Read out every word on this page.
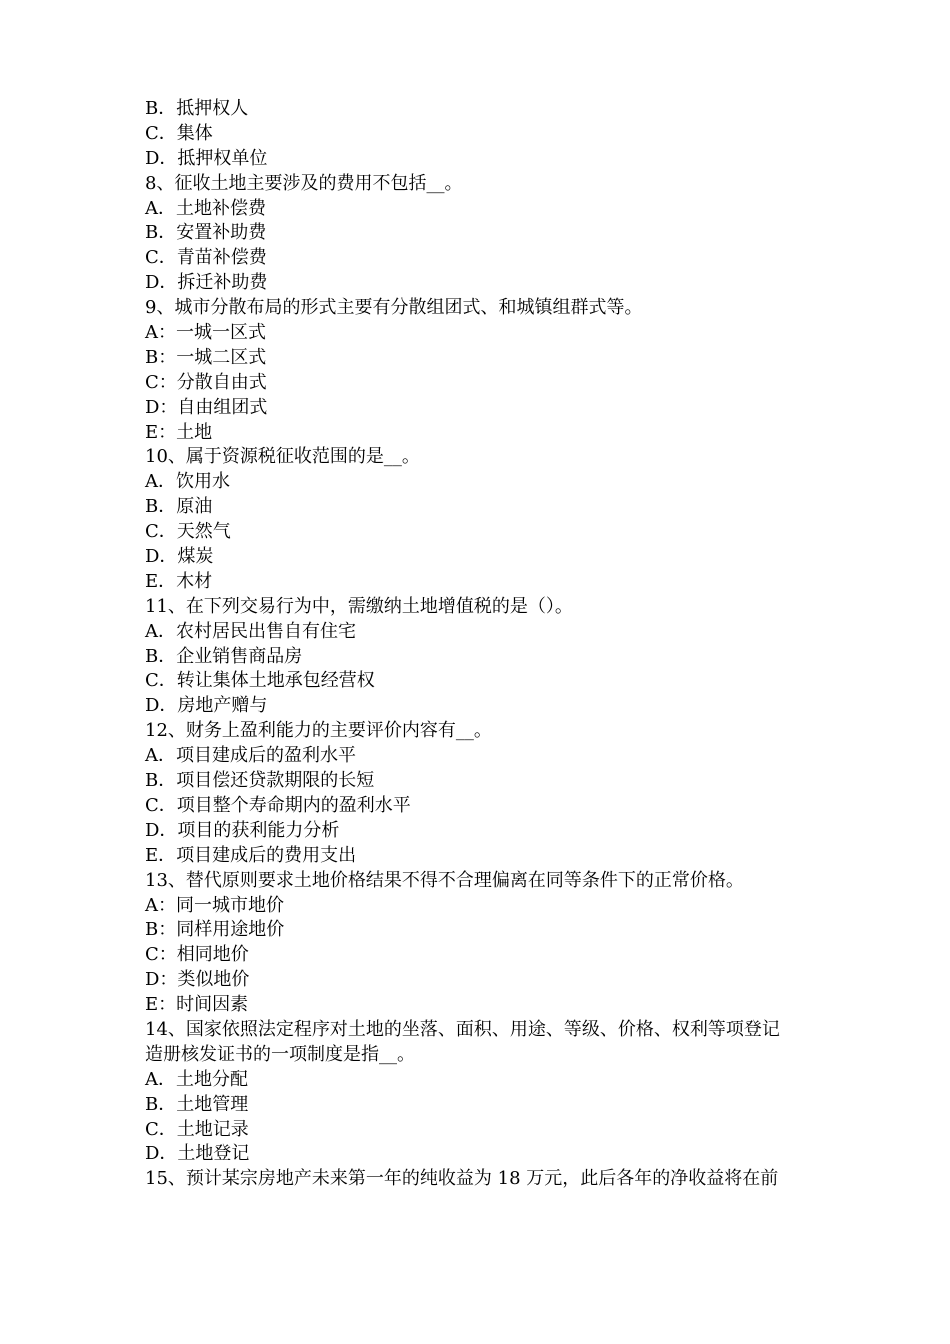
B．抵押权人
C．集体
D．抵押权单位
8、征收土地主要涉及的费用不包括__。
A．土地补偿费
B．安置补助费
C．青苗补偿费
D．拆迁补助费
9、城市分散布局的形式主要有分散组团式、和城镇组群式等。
A：一城一区式
B：一城二区式
C：分散自由式
D：自由组团式
E：土地
10、属于资源税征收范围的是__。
A．饮用水
B．原油
C．天然气
D．煤炭
E．木材
11、在下列交易行为中，需缴纳土地增值税的是（）。
A．农村居民出售自有住宅
B．企业销售商品房
C．转让集体土地承包经营权
D．房地产赠与
12、财务上盈利能力的主要评价内容有__。
A．项目建成后的盈利水平
B．项目偿还贷款期限的长短
C．项目整个寿命期内的盈利水平
D．项目的获利能力分析
E．项目建成后的费用支出
13、替代原则要求土地价格结果不得不合理偏离在同等条件下的正常价格。
A：同一城市地价
B：同样用途地价
C：相同地价
D：类似地价
E：时间因素
14、国家依照法定程序对土地的坐落、面积、用途、等级、价格、权利等项登记
造册核发证书的一项制度是指__。
A．土地分配
B．土地管理
C．土地记录
D．土地登记
15、预计某宗房地产未来第一年的纯收益为 18 万元，此后各年的净收益将在前
